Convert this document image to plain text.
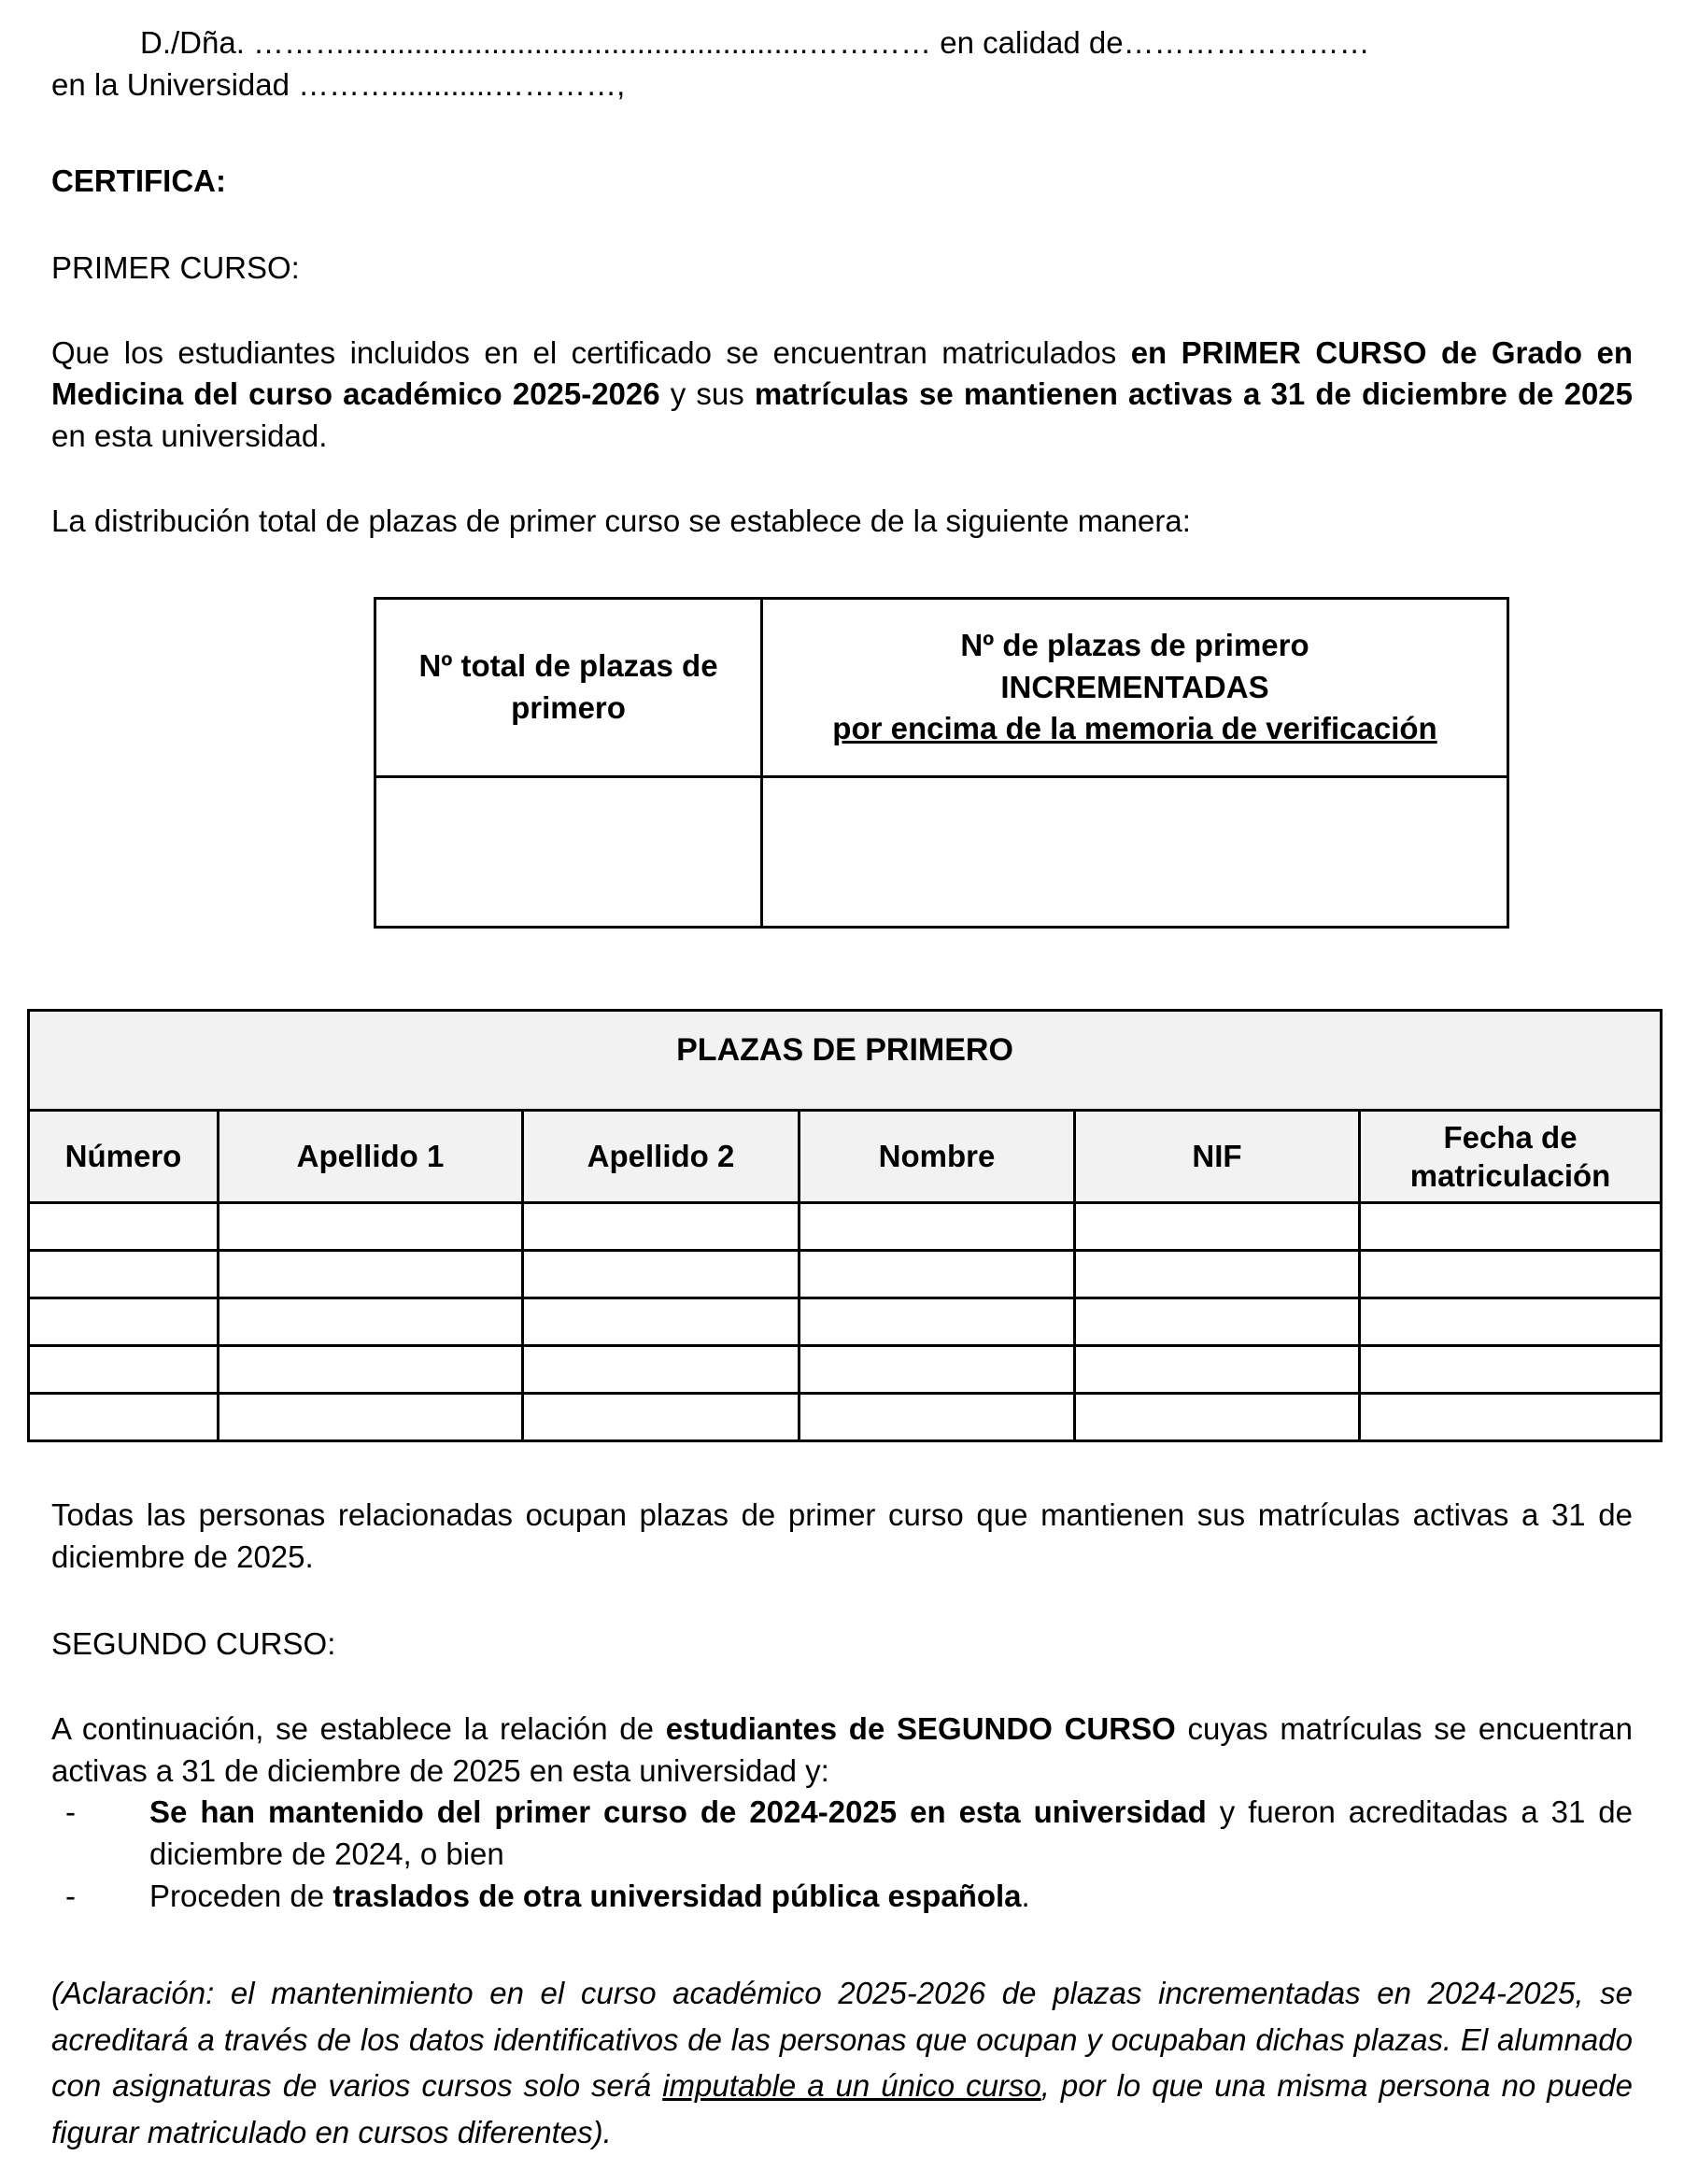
D./Dña. ………......................................................………… en calidad de……………………
en la Universidad ………............…………,

CERTIFICA:
PRIMER CURSO:

Que los estudiantes incluidos en el certificado se encuentran matriculados en PRIMER CURSO de Grado en Medicina del curso académico 2025-2026 y sus matrículas se mantienen activas a 31 de diciembre de 2025 en esta universidad.

La distribución total de plazas de primer curso se establece de la siguiente manera:

Nº total de plazas de primero	Nº de plazas de primero
INCREMENTADAS
por encima de la memoria de verificación

PLAZAS DE PRIMERO					
Número	Apellido 1	Apellido 2	Nombre	NIF	Fecha de matriculación

Todas las personas relacionadas ocupan plazas de primer curso que mantienen sus matrículas activas a 31 de diciembre de 2025.

SEGUNDO CURSO:

A continuación, se establece la relación de estudiantes de SEGUNDO CURSO cuyas matrículas se encuentran activas a 31 de diciembre de 2025 en esta universidad y:

- Se han mantenido del primer curso de 2024-2025 en esta universidad y fueron acreditadas a 31 de diciembre de 2024, o bien
- Proceden de traslados de otra universidad pública española.

(Aclaración: el mantenimiento en el curso académico 2025-2026 de plazas incrementadas en 2024-2025, se acreditará a través de los datos identificativos de las personas que ocupan y ocupaban dichas plazas. El alumnado con asignaturas de varios cursos solo será imputable a un único curso, por lo que una misma persona no puede figurar matriculado en cursos diferentes).
